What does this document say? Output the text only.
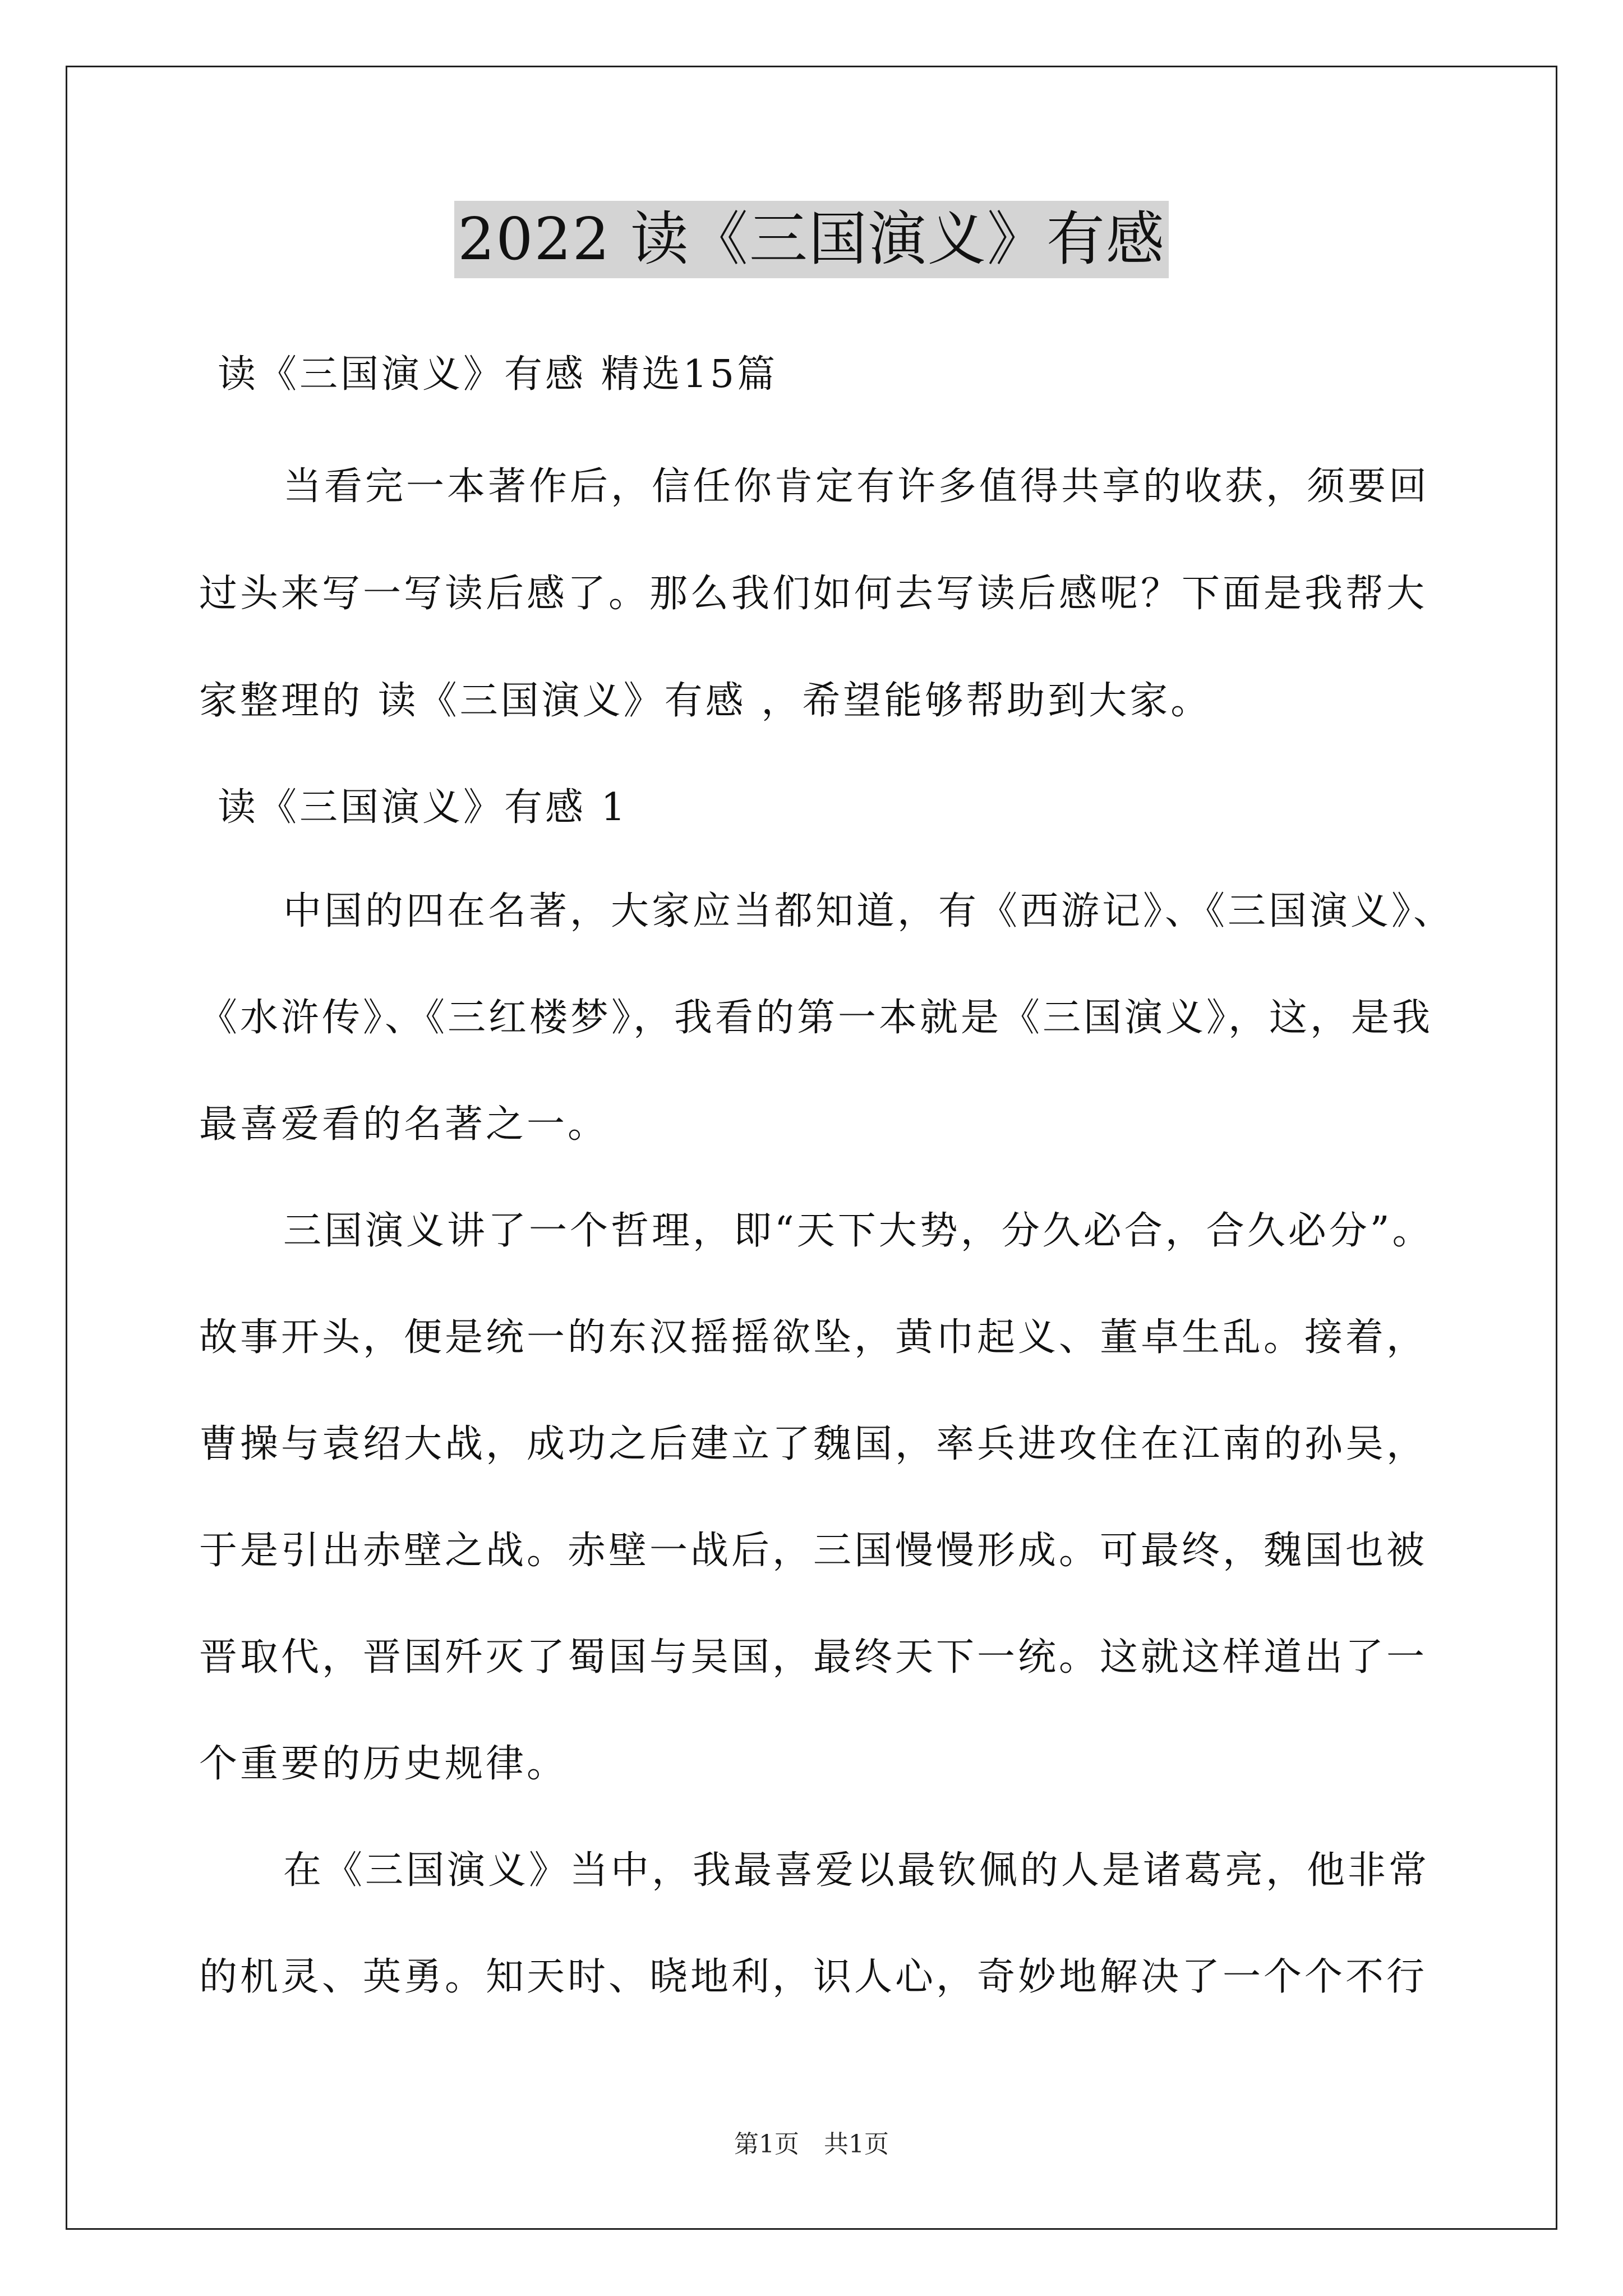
2022 读《三国演义》有感
读《三国演义》有感 精选15篇
当看完一本著作后，信任你肯定有许多值得共享的收获，须要回
过头来写一写读后感了。那么我们如何去写读后感呢？下面是我帮大
家整理的 读《三国演义》有感 ，希望能够帮助到大家。
读《三国演义》有感 1
中国的四在名著，大家应当都知道，有《西游记》、《三国演义》、
《水浒传》、《三红楼梦》，我看的第一本就是《三国演义》，这，是我
最喜爱看的名著之一。
三国演义讲了一个哲理，即“天下大势，分久必合，合久必分”。
故事开头，便是统一的东汉摇摇欲坠，黄巾起义、董卓生乱。接着，
曹操与袁绍大战，成功之后建立了魏国，率兵进攻住在江南的孙吴，
于是引出赤壁之战。赤壁一战后，三国慢慢形成。可最终，魏国也被
晋取代，晋国歼灭了蜀国与吴国，最终天下一统。这就这样道出了一
个重要的历史规律。
在《三国演义》当中，我最喜爱以最钦佩的人是诸葛亮，他非常
的机灵、英勇。知天时、晓地利，识人心，奇妙地解决了一个个不行
第1页　共1页
